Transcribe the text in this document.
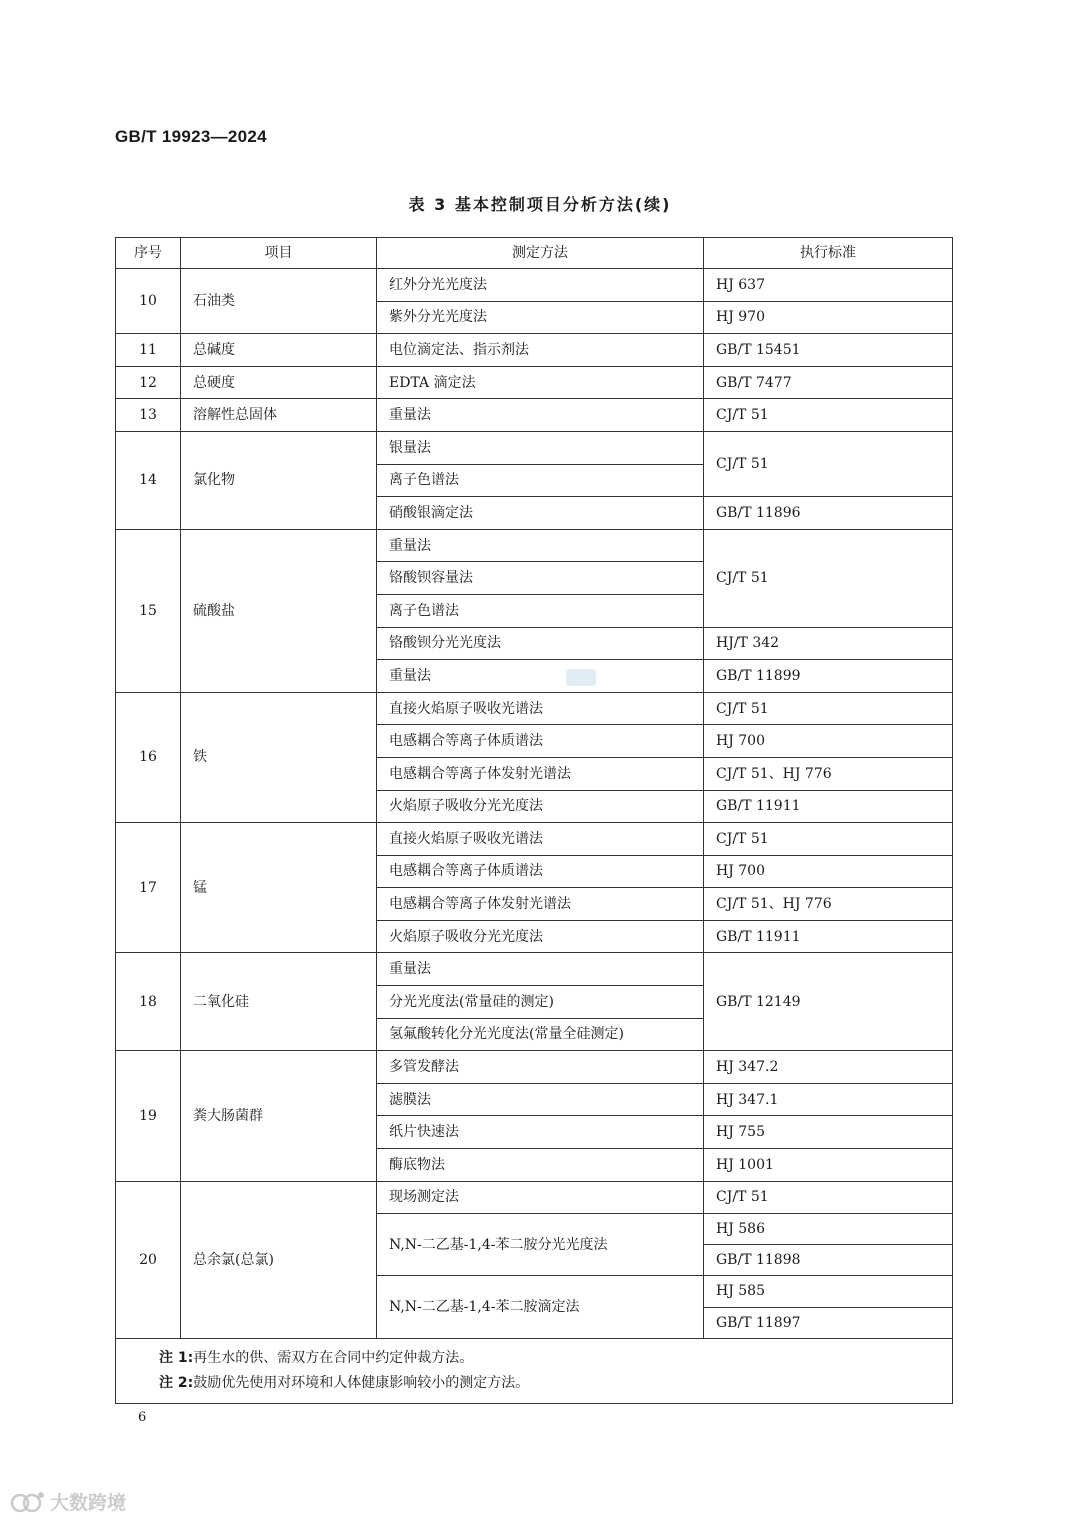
GB/T 19923—2024
表 3 基本控制项目分析方法(续)
序号	项目	测定方法	执行标准
10	石油类	红外分光光度法	HJ 637
		紫外分光光度法	HJ 970
11	总碱度	电位滴定法、指示剂法	GB/T 15451
12	总硬度	EDTA 滴定法	GB/T 7477
13	溶解性总固体	重量法	CJ/T 51
14	氯化物	银量法	CJ/T 51
		离子色谱法	
		硝酸银滴定法	GB/T 11896
15	硫酸盐	重量法	CJ/T 51
		铬酸钡容量法	
		离子色谱法	
		铬酸钡分光光度法	HJ/T 342
		重量法	GB/T 11899
16	铁	直接火焰原子吸收光谱法	CJ/T 51
		电感耦合等离子体质谱法	HJ 700
		电感耦合等离子体发射光谱法	CJ/T 51、HJ 776
		火焰原子吸收分光光度法	GB/T 11911
17	锰	直接火焰原子吸收光谱法	CJ/T 51
		电感耦合等离子体质谱法	HJ 700
		电感耦合等离子体发射光谱法	CJ/T 51、HJ 776
		火焰原子吸收分光光度法	GB/T 11911
18	二氧化硅	重量法	GB/T 12149
		分光光度法(常量硅的测定)	
		氢氟酸转化分光光度法(常量全硅测定)	
19	粪大肠菌群	多管发酵法	HJ 347.2
		滤膜法	HJ 347.1
		纸片快速法	HJ 755
		酶底物法	HJ 1001
20	总余氯(总氯)	现场测定法	CJ/T 51
		N,N-二乙基-1,4-苯二胺分光光度法	HJ 586
			GB/T 11898
		N,N-二乙基-1,4-苯二胺滴定法	HJ 585
			GB/T 11897

注 1:再生水的供、需双方在合同中约定仲裁方法。
注 2:鼓励优先使用对环境和人体健康影响较小的测定方法。			
6
大数跨境
